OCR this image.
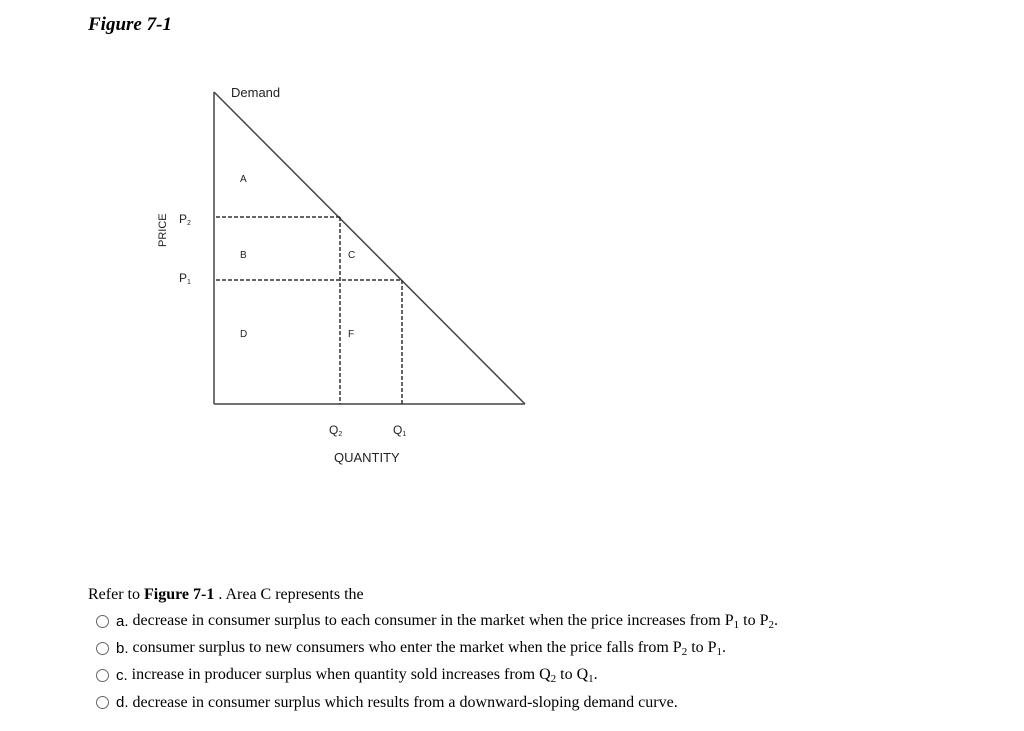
Figure 7-1
Demand
PRICE P2
P1
Q2	Q1
QUANTITY
A
B	C
D	F
Refer to Figure 7-1 . Area C represents the
a. decrease in consumer surplus to each consumer in the market when the price increases from $P_1$ to $P_2$.
b. consumer surplus to new consumers who enter the market when the price falls from $P_2$ to $P_1$.
c. increase in producer surplus when quantity sold increases from $Q_2$ to $Q_1$.
d. decrease in consumer surplus which results from a downward-sloping demand curve.
